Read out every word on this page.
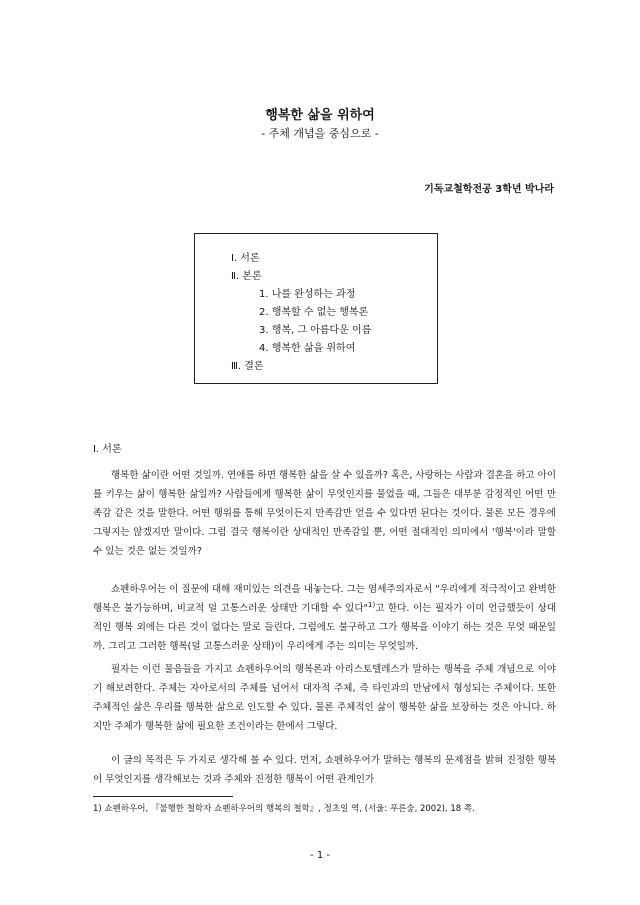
행복한 삶을 위하여
- 주체 개념을 중심으로 -
기독교철학전공 3학년 박나라
Ⅰ. 서론
Ⅱ. 본론
1. 나를 완성하는 과정
2. 행복할 수 없는 행복론
3. 행복, 그 아름다운 이름
4. 행복한 삶을 위하여
Ⅲ. 결론
Ⅰ. 서론

행복한 삶이란 어떤 것일까. 연애를 하면 행복한 삶을 살 수 있을까? 혹은, 사랑하는 사람과 결혼을 하고 아이를 키우는 삶이 행복한 삶일까? 사람들에게 행복한 삶이 무엇인지를 물었을 때, 그들은 대부분 감정적인 어떤 만족감 같은 것을 말한다. 어떤 행위를 통해 무엇이든지 만족감만 얻을 수 있다면 된다는 것이다. 물론 모든 경우에 그렇지는 않겠지만 말이다. 그럼 결국 행복이란 상대적인 만족감일 뿐, 어떤 절대적인 의미에서 '행복'이라 말할 수 있는 것은 없는 것일까?

쇼펜하우어는 이 질문에 대해 재미있는 의견을 내놓는다. 그는 염세주의자로서 "우리에게 적극적이고 완벽한 행복은 불가능하며, 비교적 덜 고통스러운 상태만 기대할 수 있다"$^{1)}$고 한다. 이는 필자가 이미 언급했듯이 상대적인 행복 외에는 다른 것이 없다는 말로 들린다. 그럼에도 불구하고 그가 행복을 이야기 하는 것은 무엇 때문일까. 그리고 그러한 행복(덜 고통스러운 상태)이 우리에게 주는 의미는 무엇일까.

필자는 이런 물음들을 가지고 쇼펜하우어의 행복론과 아리스토텔레스가 말하는 행복을 주체 개념으로 이야기 해보려한다. 주체는 자아로서의 주체를 넘어서 대자적 주체, 즉 타인과의 만남에서 형성되는 주체이다. 또한 주체적인 삶은 우리를 행복한 삶으로 인도할 수 있다. 물론 주체적인 삶이 행복한 삶을 보장하는 것은 아니다. 하지만 주체가 행복한 삶에 필요한 조건이라는 한에서 그렇다.

이 글의 목적은 두 가지로 생각해 볼 수 있다. 먼저, 쇼펜하우어가 말하는 행복의 문제점을 밝혀 진정한 행복이 무엇인지를 생각해보는 것과 주체와 진정한 행복이 어떤 관계인가

1) 쇼펜하우어, 『불행한 철학자 쇼펜하우어의 행복의 철학』, 정초일 역, (서울: 푸른숲, 2002), 18 쪽.
- 1 -
